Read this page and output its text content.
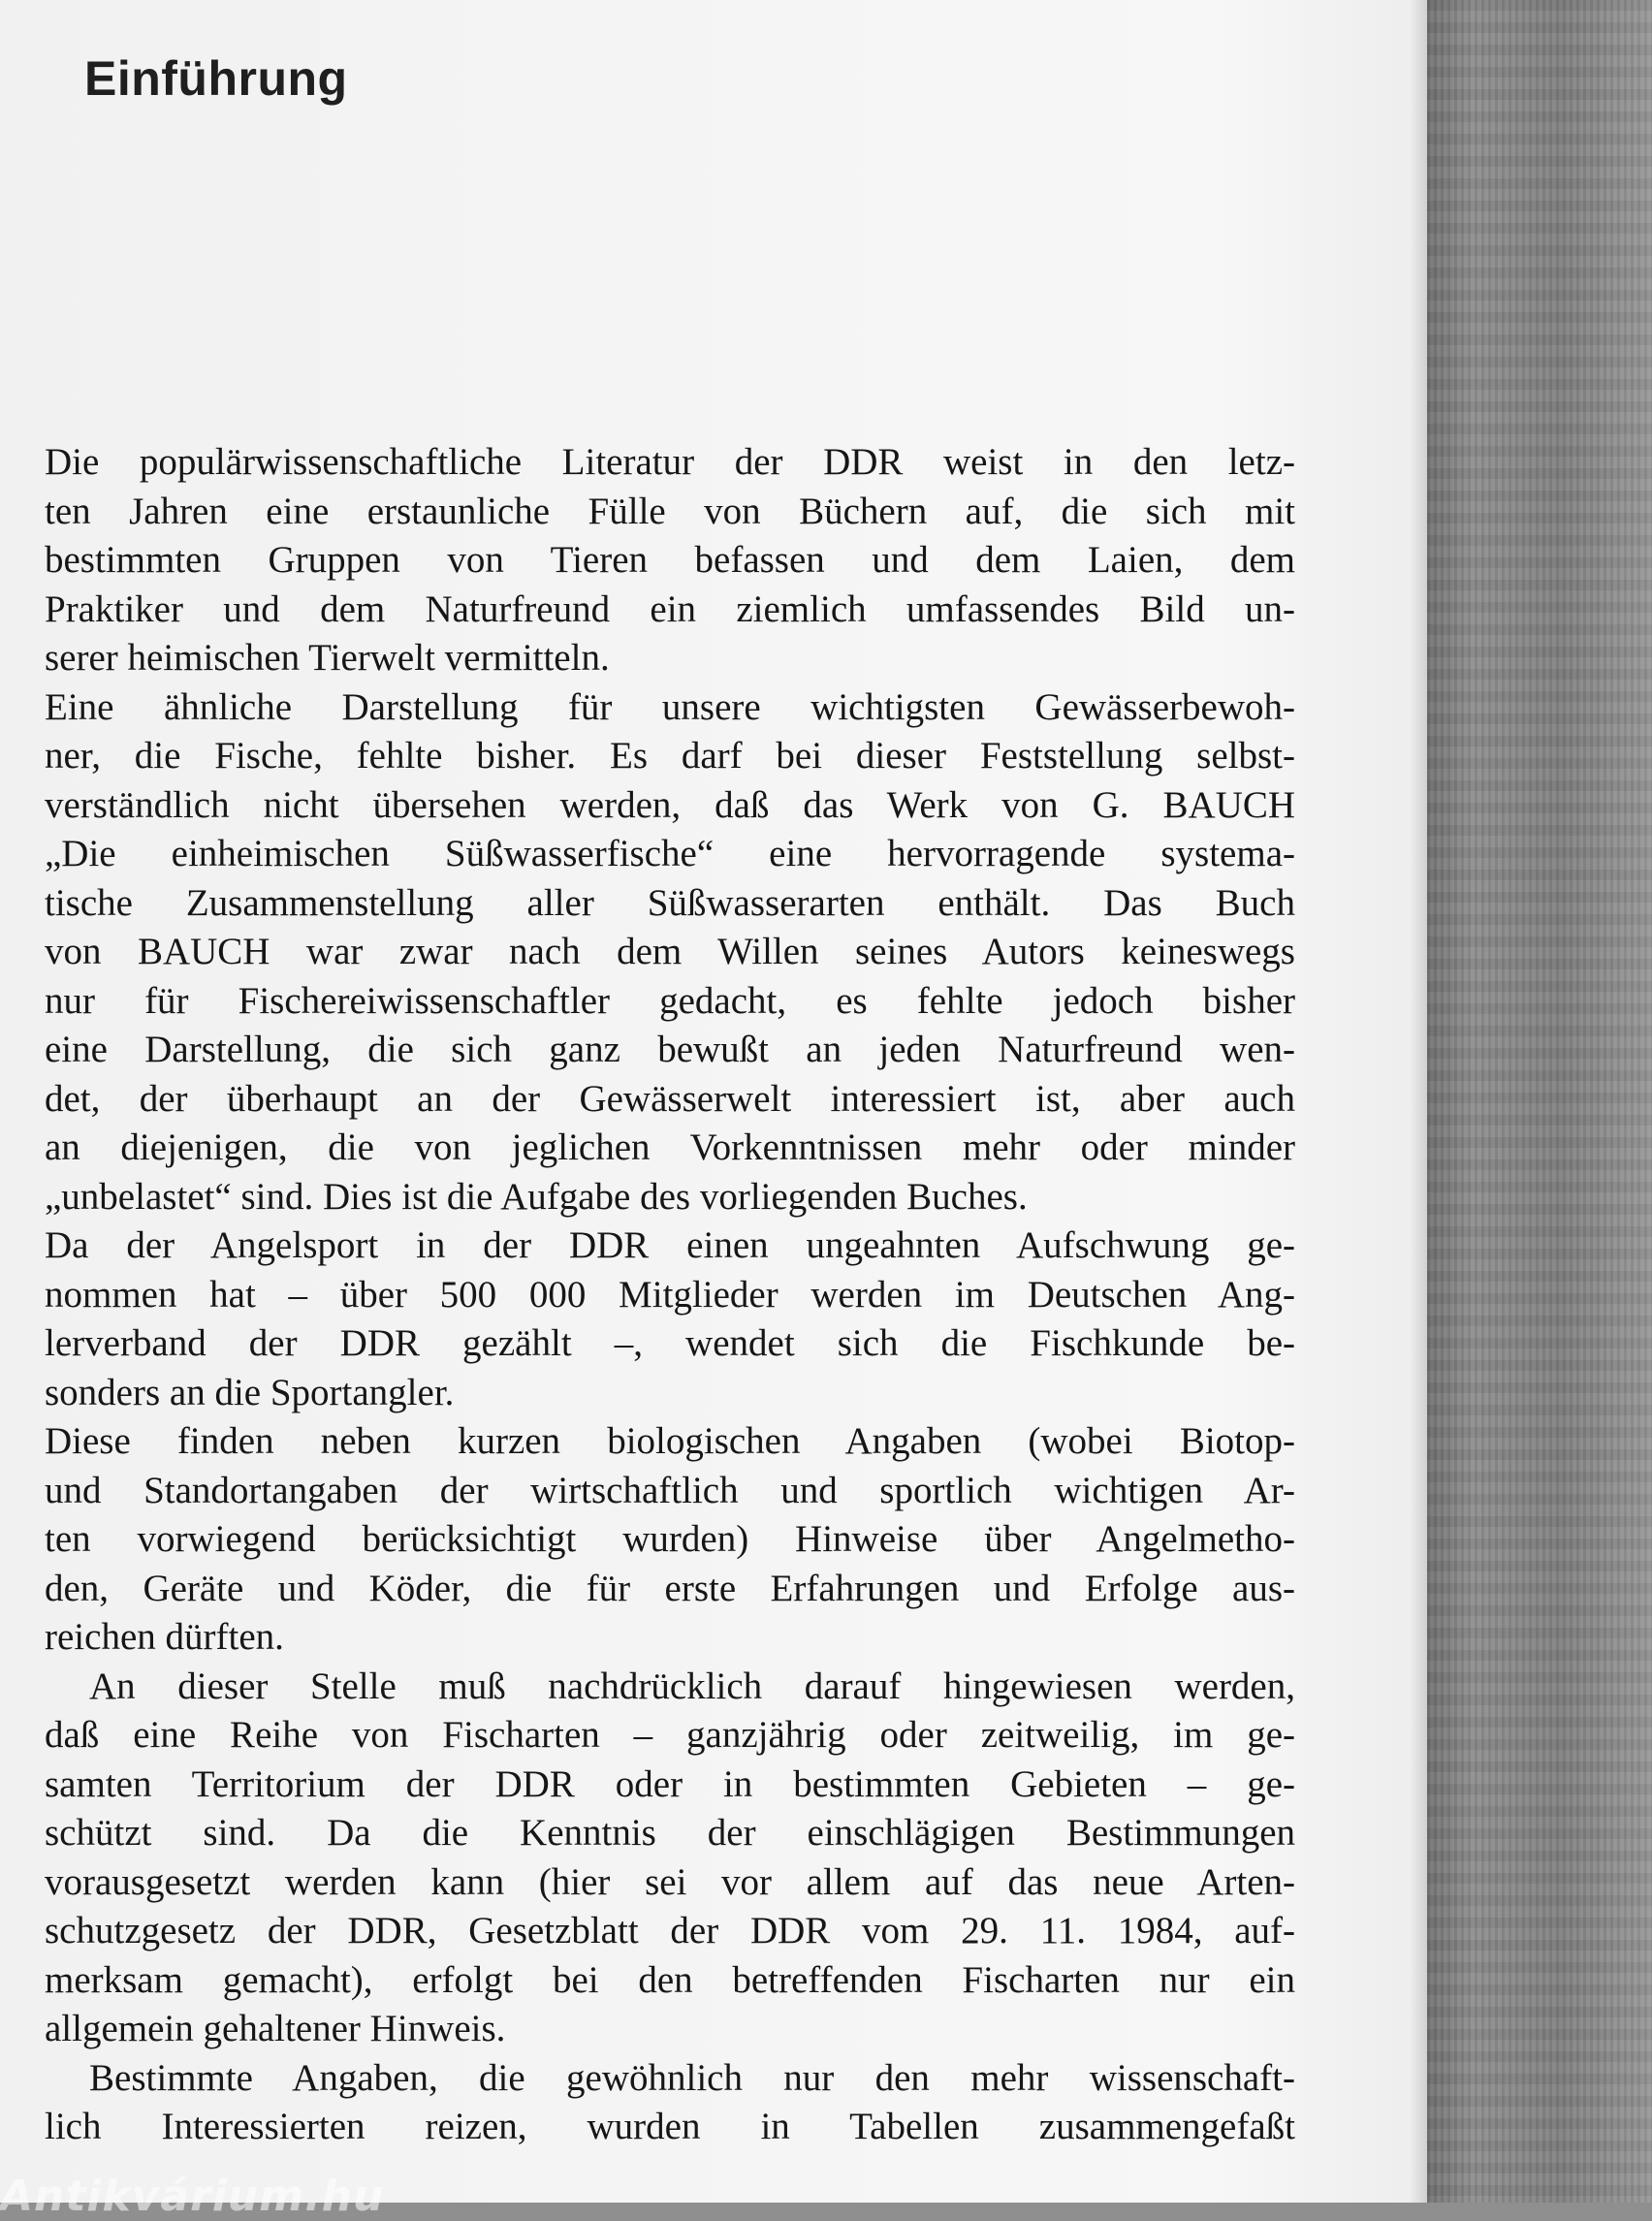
Einführung
Die populärwissenschaftliche Literatur der DDR weist in den letz-
ten Jahren eine erstaunliche Fülle von Büchern auf, die sich mit
bestimmten Gruppen von Tieren befassen und dem Laien, dem
Praktiker und dem Naturfreund ein ziemlich umfassendes Bild un-
serer heimischen Tierwelt vermitteln.
Eine ähnliche Darstellung für unsere wichtigsten Gewässerbewoh-
ner, die Fische, fehlte bisher. Es darf bei dieser Feststellung selbst-
verständlich nicht übersehen werden, daß das Werk von G. BAUCH
„Die einheimischen Süßwasserfische“ eine hervorragende systema-
tische Zusammenstellung aller Süßwasserarten enthält. Das Buch
von BAUCH war zwar nach dem Willen seines Autors keineswegs
nur für Fischereiwissenschaftler gedacht, es fehlte jedoch bisher
eine Darstellung, die sich ganz bewußt an jeden Naturfreund wen-
det, der überhaupt an der Gewässerwelt interessiert ist, aber auch
an diejenigen, die von jeglichen Vorkenntnissen mehr oder minder
„unbelastet“ sind. Dies ist die Aufgabe des vorliegenden Buches.
Da der Angelsport in der DDR einen ungeahnten Aufschwung ge-
nommen hat – über 500 000 Mitglieder werden im Deutschen Ang-
lerverband der DDR gezählt –, wendet sich die Fischkunde be-
sonders an die Sportangler.
Diese finden neben kurzen biologischen Angaben (wobei Biotop-
und Standortangaben der wirtschaftlich und sportlich wichtigen Ar-
ten vorwiegend berücksichtigt wurden) Hinweise über Angelmetho-
den, Geräte und Köder, die für erste Erfahrungen und Erfolge aus-
reichen dürften.
An dieser Stelle muß nachdrücklich darauf hingewiesen werden,
daß eine Reihe von Fischarten – ganzjährig oder zeitweilig, im ge-
samten Territorium der DDR oder in bestimmten Gebieten – ge-
schützt sind. Da die Kenntnis der einschlägigen Bestimmungen
vorausgesetzt werden kann (hier sei vor allem auf das neue Arten-
schutzgesetz der DDR, Gesetzblatt der DDR vom 29. 11. 1984, auf-
merksam gemacht), erfolgt bei den betreffenden Fischarten nur ein
allgemein gehaltener Hinweis.
Bestimmte Angaben, die gewöhnlich nur den mehr wissenschaft-
lich Interessierten reizen, wurden in Tabellen zusammengefaßt
Antikvárium.hu
